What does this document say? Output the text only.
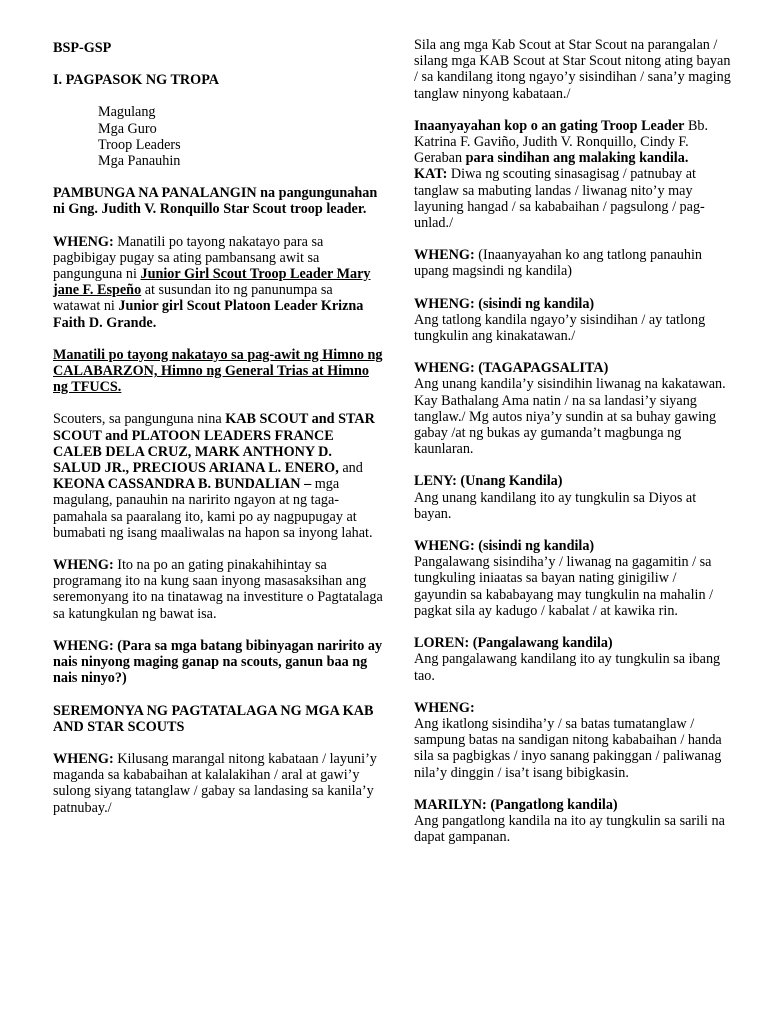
BSP-GSP

I. PAGPASOK NG TROPA

Magulang

Mga Guro

Troop Leaders

Mga Panauhin

PAMBUNGA NA PANALANGIN na pangungunahan ni Gng. Judith V. Ronquillo Star Scout troop leader.

WHENG: Manatili po tayong nakatayo para sa pagbibigay pugay sa ating pambansang awit sa pangunguna ni Junior Girl Scout Troop Leader Mary jane F. Espeño at susundan ito ng panunumpa sa watawat ni Junior girl Scout Platoon Leader Krizna Faith D. Grande.

Manatili po tayong nakatayo sa pag-awit ng Himno ng CALABARZON, Himno ng General Trias at Himno ng TFUCS.

Scouters, sa pangunguna nina KAB SCOUT and STAR SCOUT and PLATOON LEADERS FRANCE CALEB DELA CRUZ, MARK ANTHONY D. SALUD JR., PRECIOUS ARIANA L. ENERO, and KEONA CASSANDRA B. BUNDALIAN – mga magulang, panauhin na naririto ngayon at ng taga-pamahala sa paaralang ito, kami po ay nagpupugay at bumabati ng isang maaliwalas na hapon sa inyong lahat.

WHENG: Ito na po an gating pinakahihintay sa programang ito na kung saan inyong masasaksihan ang seremonyang ito na tinatawag na investiture o Pagtatalaga sa katungkulan ng bawat isa.

WHENG: (Para sa mga batang bibinyagan naririto ay nais ninyong maging ganap na scouts, ganun baa ng nais ninyo?)

SEREMONYA NG PAGTATALAGA NG MGA KAB AND STAR SCOUTS

WHENG: Kilusang marangal nitong kabataan / layuni’y maganda sa kababaihan at kalalakihan / aral at gawi’y sulong siyang tatanglaw / gabay sa landasing sa kanila’y patnubay./

Sila ang mga Kab Scout at Star Scout na parangalan / silang mga KAB Scout at Star Scout nitong ating bayan / sa kandilang itong ngayo’y sisindihan / sana’y maging tanglaw ninyong kabataan./

Inaanyayahan kop o an gating Troop Leader Bb. Katrina F. Gaviño, Judith V. Ronquillo, Cindy F. Geraban para sindihan ang malaking kandila.

KAT: Diwa ng scouting sinasagisag / patnubay at tanglaw sa mabuting landas / liwanag nito’y may layuning hangad / sa kababaihan / pagsulong / pag-unlad./

WHENG: (Inaanyayahan ko ang tatlong panauhin upang magsindi ng kandila)

WHENG: (sisindi ng kandila)

Ang tatlong kandila ngayo’y sisindihan / ay tatlong tungkulin ang kinakatawan./

WHENG: (TAGAPAGSALITA)

Ang unang kandila’y sisindihin liwanag na kakatawan.

Kay Bathalang Ama natin / na sa landasi’y siyang tanglaw./ Mg autos niya’y sundin at sa buhay gawing gabay /at ng bukas ay gumanda’t magbunga ng kaunlaran.

LENY: (Unang Kandila)

Ang unang kandilang ito ay tungkulin sa Diyos at bayan.

WHENG: (sisindi ng kandila)

Pangalawang sisindiha’y / liwanag na gagamitin / sa tungkuling iniaatas sa bayan nating ginigiliw / gayundin sa kababayang may tungkulin na mahalin / pagkat sila ay kadugo / kabalat / at kawika rin.

LOREN: (Pangalawang kandila)

Ang pangalawang kandilang ito ay tungkulin sa ibang tao.

WHENG:

Ang ikatlong sisindiha’y / sa batas tumatanglaw / sampung batas na sandigan nitong kababaihan / handa sila sa pagbigkas / inyo sanang pakinggan / paliwanag nila’y dinggin / isa’t isang bibigkasin.

MARILYN: (Pangatlong kandila)

Ang pangatlong kandila na ito ay tungkulin sa sarili na dapat gampanan.
